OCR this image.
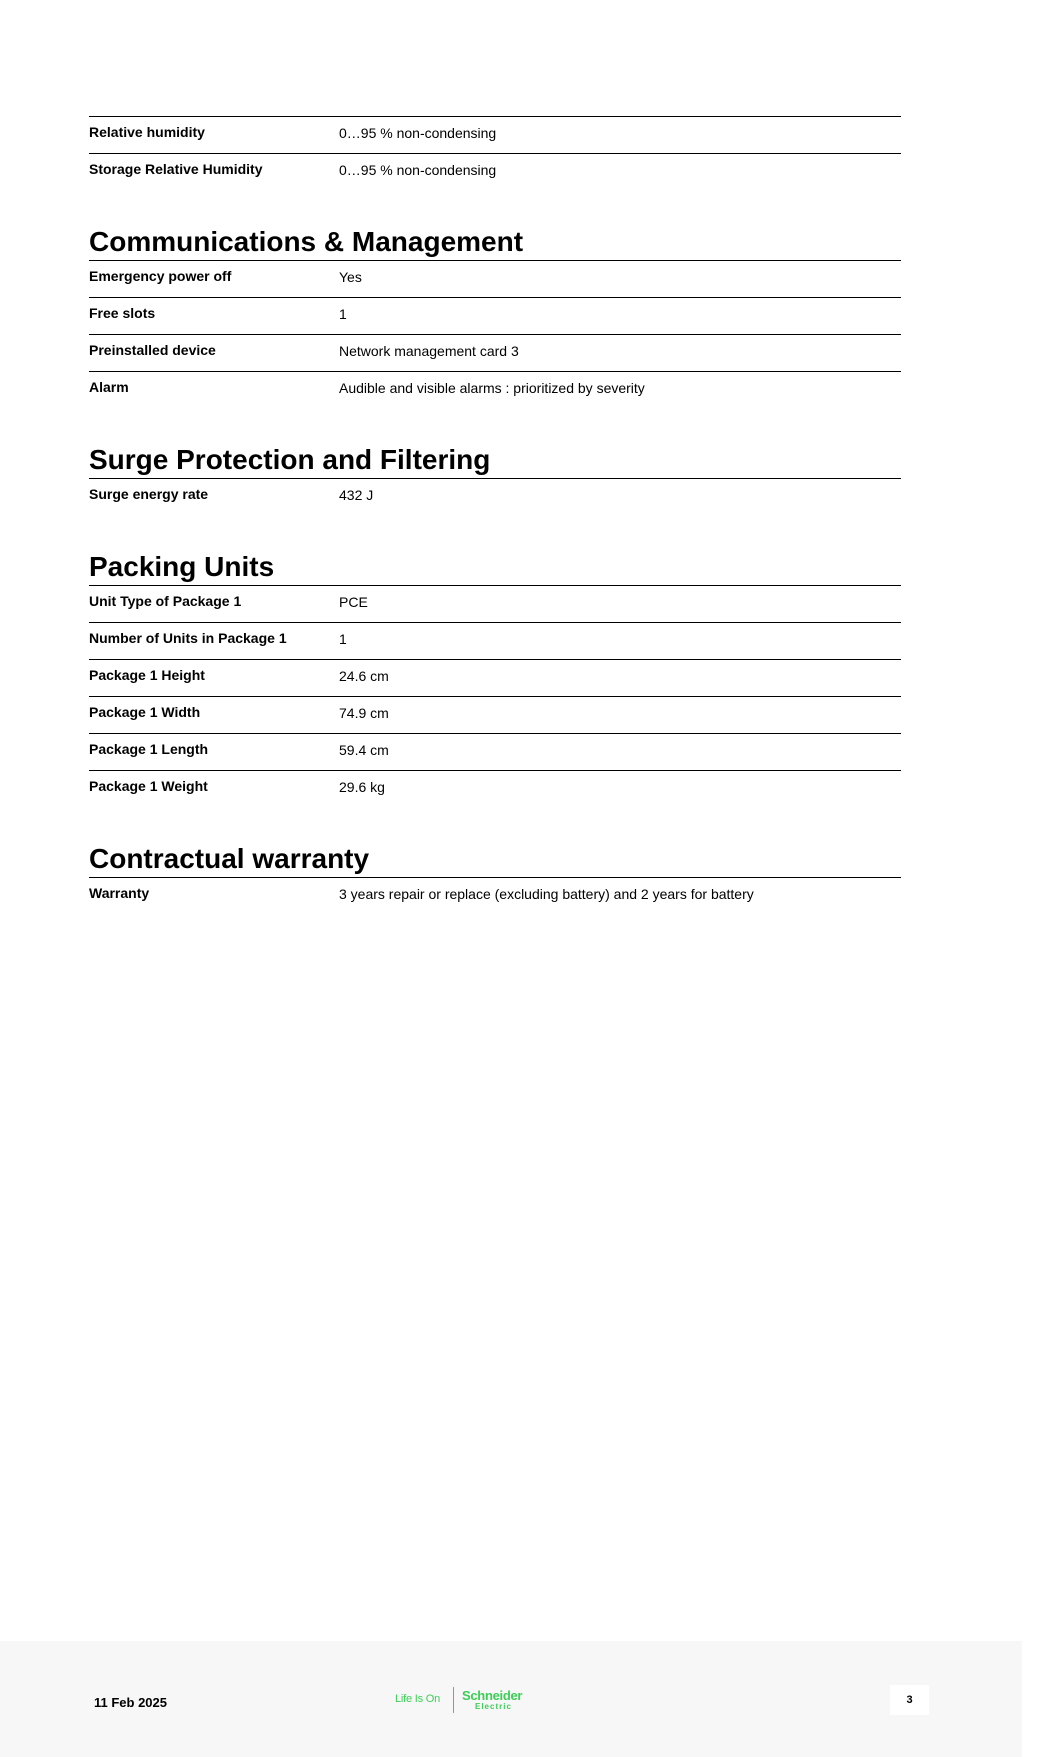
Relative humidity	0…95 % non-condensing
Storage Relative Humidity	0…95 % non-condensing
Communications & Management
Emergency power off	Yes
Free slots	1
Preinstalled device	Network management card 3
Alarm	Audible and visible alarms : prioritized by severity
Surge Protection and Filtering
Surge energy rate	432 J
Packing Units
Unit Type of Package 1	PCE
Number of Units in Package 1	1
Package 1 Height	24.6 cm
Package 1 Width	74.9 cm
Package 1 Length	59.4 cm
Package 1 Weight	29.6 kg
Contractual warranty
Warranty	3 years repair or replace (excluding battery) and 2 years for battery
11 Feb 2025	Life Is On Schneider
Electric
3
